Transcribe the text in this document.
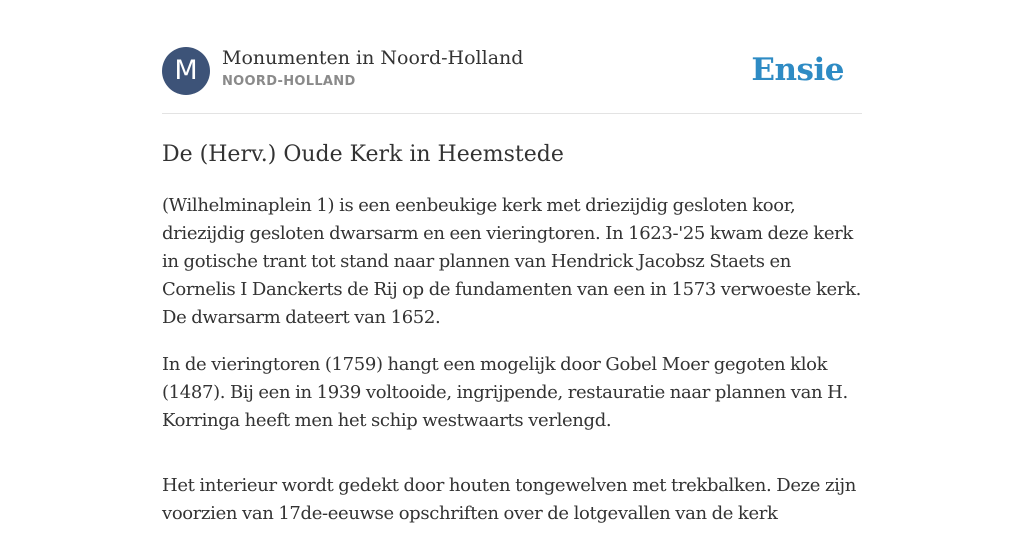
M	Monumenten in Noord-Holland
NOORD-HOLLAND	Ensie
De (Herv.) Oude Kerk in Heemstede

(Wilhelminaplein 1) is een eenbeukige kerk met driezijdig gesloten koor, driezijdig gesloten dwarsarm en een vieringtoren. In 1623-'25 kwam deze kerk in gotische trant tot stand naar plannen van Hendrick Jacobsz Staets en Cornelis I Danckerts de Rij op de fundamenten van een in 1573 verwoeste kerk. De dwarsarm dateert van 1652.

In de vieringtoren (1759) hangt een mogelijk door Gobel Moer gegoten klok (1487). Bij een in 1939 voltooide, ingrijpende, restauratie naar plannen van H. Korringa heeft men het schip westwaarts verlengd.

Het interieur wordt gedekt door houten tongewelven met trekbalken. Deze zijn voorzien van 17de-eeuwse opschriften over de lotgevallen van de kerk
